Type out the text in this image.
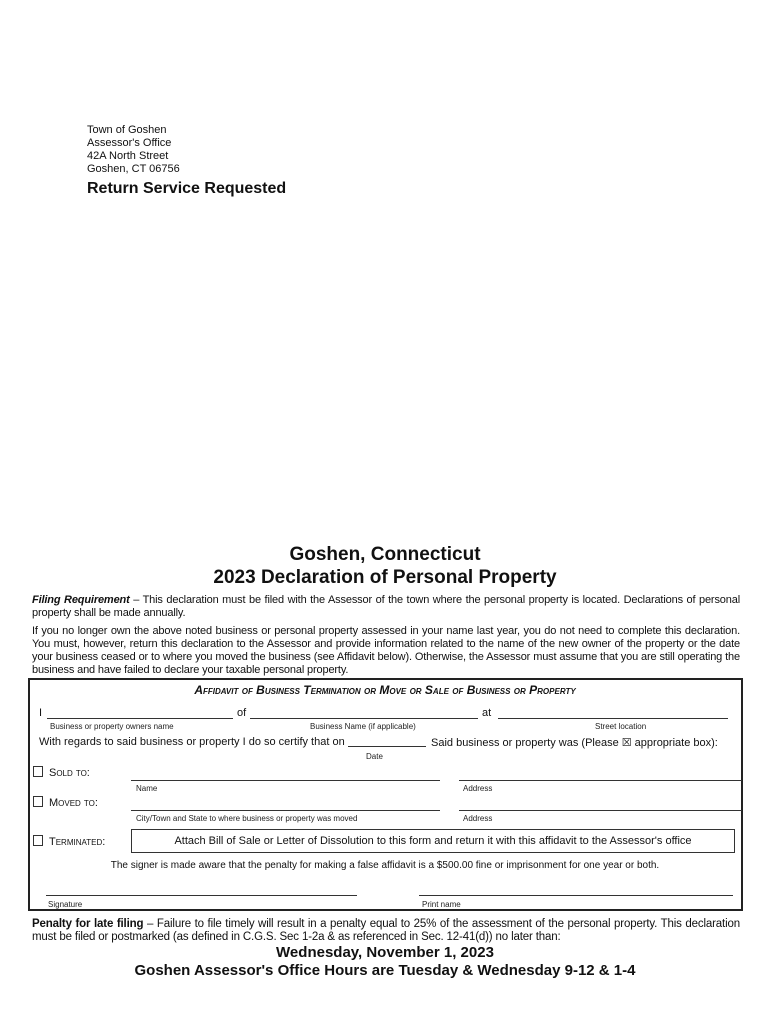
Town of Goshen
Assessor's Office
42A North Street
Goshen, CT 06756
Return Service Requested
Goshen, Connecticut
2023 Declaration of Personal Property
Filing Requirement – This declaration must be filed with the Assessor of the town where the personal property is located. Declarations of personal property shall be made annually.
If you no longer own the above noted business or personal property assessed in your name last year, you do not need to complete this declaration. You must, however, return this declaration to the Assessor and provide information related to the name of the new owner of the property or the date your business ceased or to where you moved the business (see Affidavit below). Otherwise, the Assessor must assume that you are still operating the business and have failed to declare your taxable personal property.
Affidavit of Business Termination or Move or Sale of Business or Property
I	of	at
Business or property owners name	Business Name (if applicable)	Street location
With regards to said business or property I do so certify that on	Said business or property was (Please ☒ appropriate box):
Date
Sold to:
Name	Address
Moved to:
City/Town and State to where business or property was moved	Address
Terminated:	Attach Bill of Sale or Letter of Dissolution to this form and return it with this affidavit to the Assessor's office
The signer is made aware that the penalty for making a false affidavit is a $500.00 fine or imprisonment for one year or both.
Signature	Print name
Penalty for late filing – Failure to file timely will result in a penalty equal to 25% of the assessment of the personal property. This declaration must be filed or postmarked (as defined in C.G.S. Sec 1-2a & as referenced in Sec. 12-41(d)) no later than:
Wednesday, November 1, 2023
Goshen Assessor's Office Hours are Tuesday & Wednesday 9-12 & 1-4
